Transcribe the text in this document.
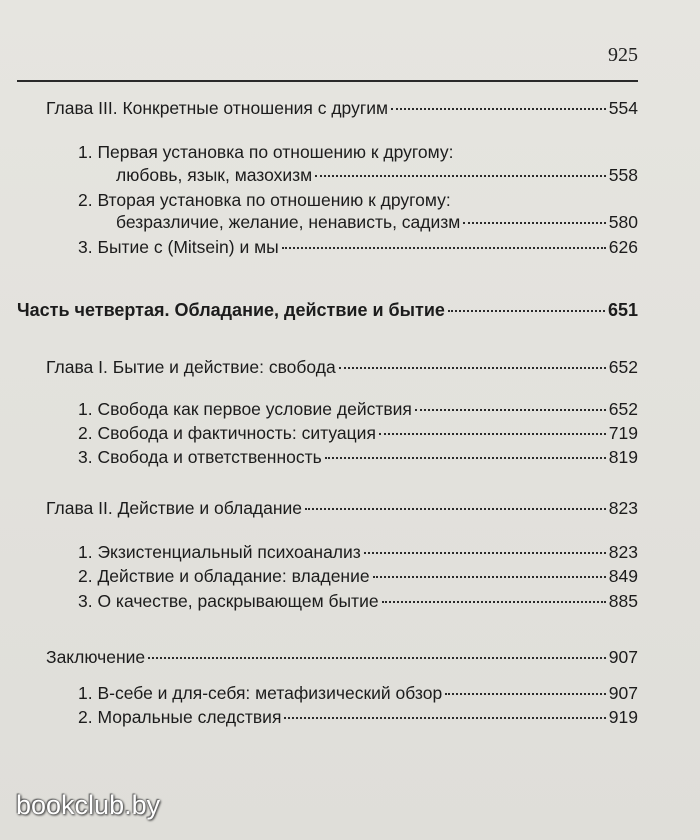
925
Глава III. Конкретные отношения с другим	554
1. Первая установка по отношению к другому:
любовь, язык, мазохизм	558
2. Вторая установка по отношению к другому:
безразличие, желание, ненависть, садизм	580
3. Бытие с (Mitsein) и мы	626
Часть четвертая. Обладание, действие и бытие	651
Глава I. Бытие и действие: свобода	652
1. Свобода как первое условие действия	652
2. Свобода и фактичность: ситуация	719
3. Свобода и ответственность	819
Глава II. Действие и обладание	823
1. Экзистенциальный психоанализ	823
2. Действие и обладание: владение	849
3. О качестве, раскрывающем бытие	885
Заключение	907
1. В-себе и для-себя: метафизический обзор	907
2. Моральные следствия	919
bookclub.by
